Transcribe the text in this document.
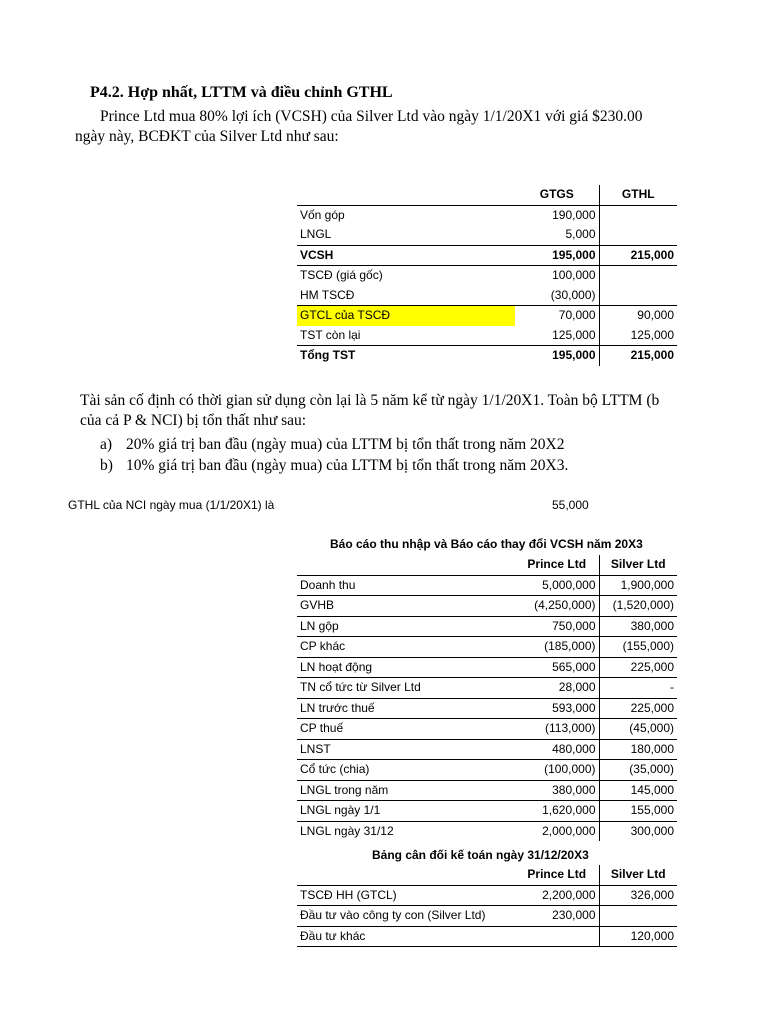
P4.2. Hợp nhất, LTTM và điều chỉnh GTHL
Prince Ltd mua 80% lợi ích (VCSH) của Silver Ltd vào ngày 1/1/20X1 với giá $230.00
ngày này, BCĐKT của Silver Ltd như sau:
	GTGS	GTHL
Vốn góp	190,000	
LNGL	5,000	
VCSH	195,000	215,000
TSCĐ (giá gốc)	100,000	
HM TSCĐ	(30,000)	
GTCL của TSCĐ	70,000	90,000
TST còn lại	125,000	125,000
Tổng TST	195,000	215,000
Tài sản cố định có thời gian sử dụng còn lại là 5 năm kể từ ngày 1/1/20X1. Toàn bộ LTTM (b
của cả P & NCI) bị tổn thất như sau:
a) 20% giá trị ban đầu (ngày mua) của LTTM bị tổn thất trong năm 20X2
b) 10% giá trị ban đầu (ngày mua) của LTTM bị tổn thất trong năm 20X3.
GTHL của NCI ngày mua (1/1/20X1) là	55,000
Báo cáo thu nhập và Báo cáo thay đổi VCSH năm 20X3
	Prince Ltd	Silver Ltd
Doanh thu	5,000,000	1,900,000
GVHB	(4,250,000)	(1,520,000)
LN gộp	750,000	380,000
CP khác	(185,000)	(155,000)
LN hoạt động	565,000	225,000
TN cổ tức từ Silver Ltd	28,000	-
LN trước thuế	593,000	225,000
CP thuế	(113,000)	(45,000)
LNST	480,000	180,000
Cổ tức (chia)	(100,000)	(35,000)
LNGL trong năm	380,000	145,000
LNGL ngày 1/1	1,620,000	155,000
LNGL ngày 31/12	2,000,000	300,000
Bảng cân đối kế toán ngày 31/12/20X3
	Prince Ltd	Silver Ltd
TSCĐ HH (GTCL)	2,200,000	326,000
Đầu tư vào công ty con (Silver Ltd)	230,000	
Đầu tư khác		120,000
